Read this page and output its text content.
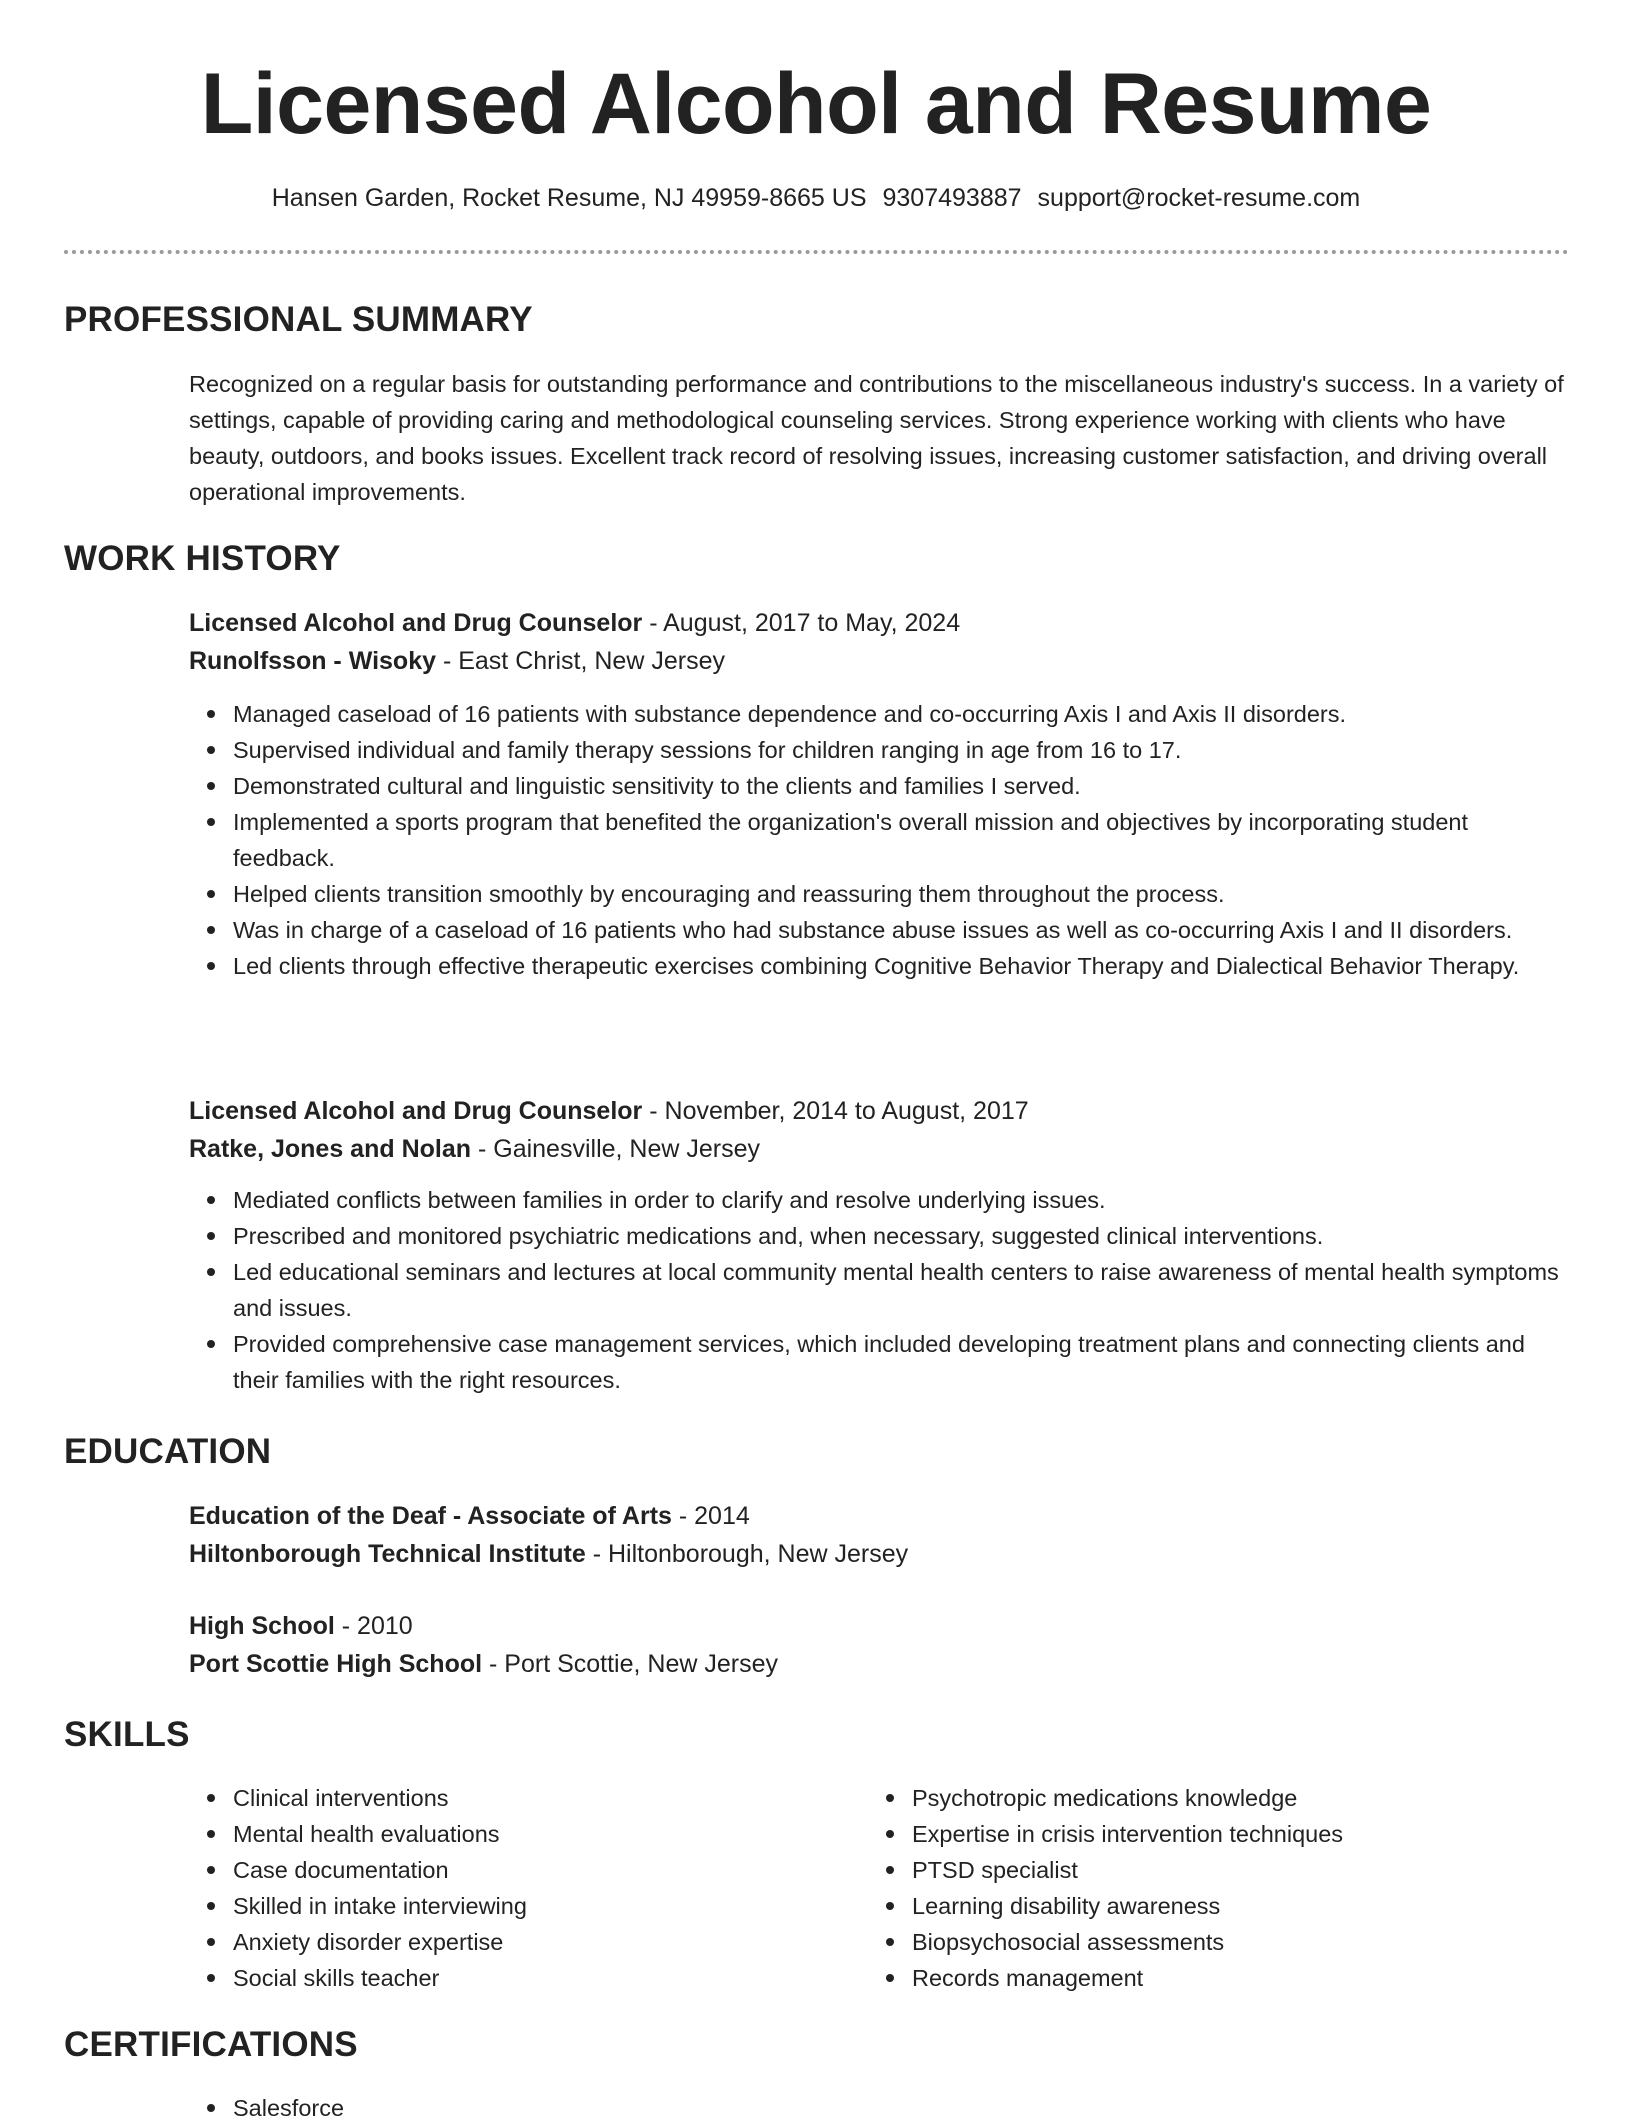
Licensed Alcohol and Resume
Hansen Garden, Rocket Resume, NJ 49959-8665 US 9307493887 support@rocket-resume.com
PROFESSIONAL SUMMARY

Recognized on a regular basis for outstanding performance and contributions to the miscellaneous industry's success. In a variety of settings, capable of providing caring and methodological counseling services. Strong experience working with clients who have beauty, outdoors, and books issues. Excellent track record of resolving issues, increasing customer satisfaction, and driving overall operational improvements.

WORK HISTORY
Licensed Alcohol and Drug Counselor - August, 2017 to May, 2024
Runolfsson - Wisoky - East Christ, New Jersey
Managed caseload of 16 patients with substance dependence and co-occurring Axis I and Axis II disorders.
Supervised individual and family therapy sessions for children ranging in age from 16 to 17.
Demonstrated cultural and linguistic sensitivity to the clients and families I served.
Implemented a sports program that benefited the organization's overall mission and objectives by incorporating student feedback.
Helped clients transition smoothly by encouraging and reassuring them throughout the process.
Was in charge of a caseload of 16 patients who had substance abuse issues as well as co-occurring Axis I and II disorders.
Led clients through effective therapeutic exercises combining Cognitive Behavior Therapy and Dialectical Behavior Therapy.
Licensed Alcohol and Drug Counselor - November, 2014 to August, 2017
Ratke, Jones and Nolan - Gainesville, New Jersey
Mediated conflicts between families in order to clarify and resolve underlying issues.
Prescribed and monitored psychiatric medications and, when necessary, suggested clinical interventions.
Led educational seminars and lectures at local community mental health centers to raise awareness of mental health symptoms and issues.
Provided comprehensive case management services, which included developing treatment plans and connecting clients and their families with the right resources.
EDUCATION
Education of the Deaf - Associate of Arts - 2014
Hiltonborough Technical Institute - Hiltonborough, New Jersey
High School - 2010
Port Scottie High School - Port Scottie, New Jersey
SKILLS
Clinical interventions
Mental health evaluations
Case documentation
Skilled in intake interviewing
Anxiety disorder expertise
Social skills teacher
Psychotropic medications knowledge
Expertise in crisis intervention techniques
PTSD specialist
Learning disability awareness
Biopsychosocial assessments
Records management
CERTIFICATIONS
Salesforce
